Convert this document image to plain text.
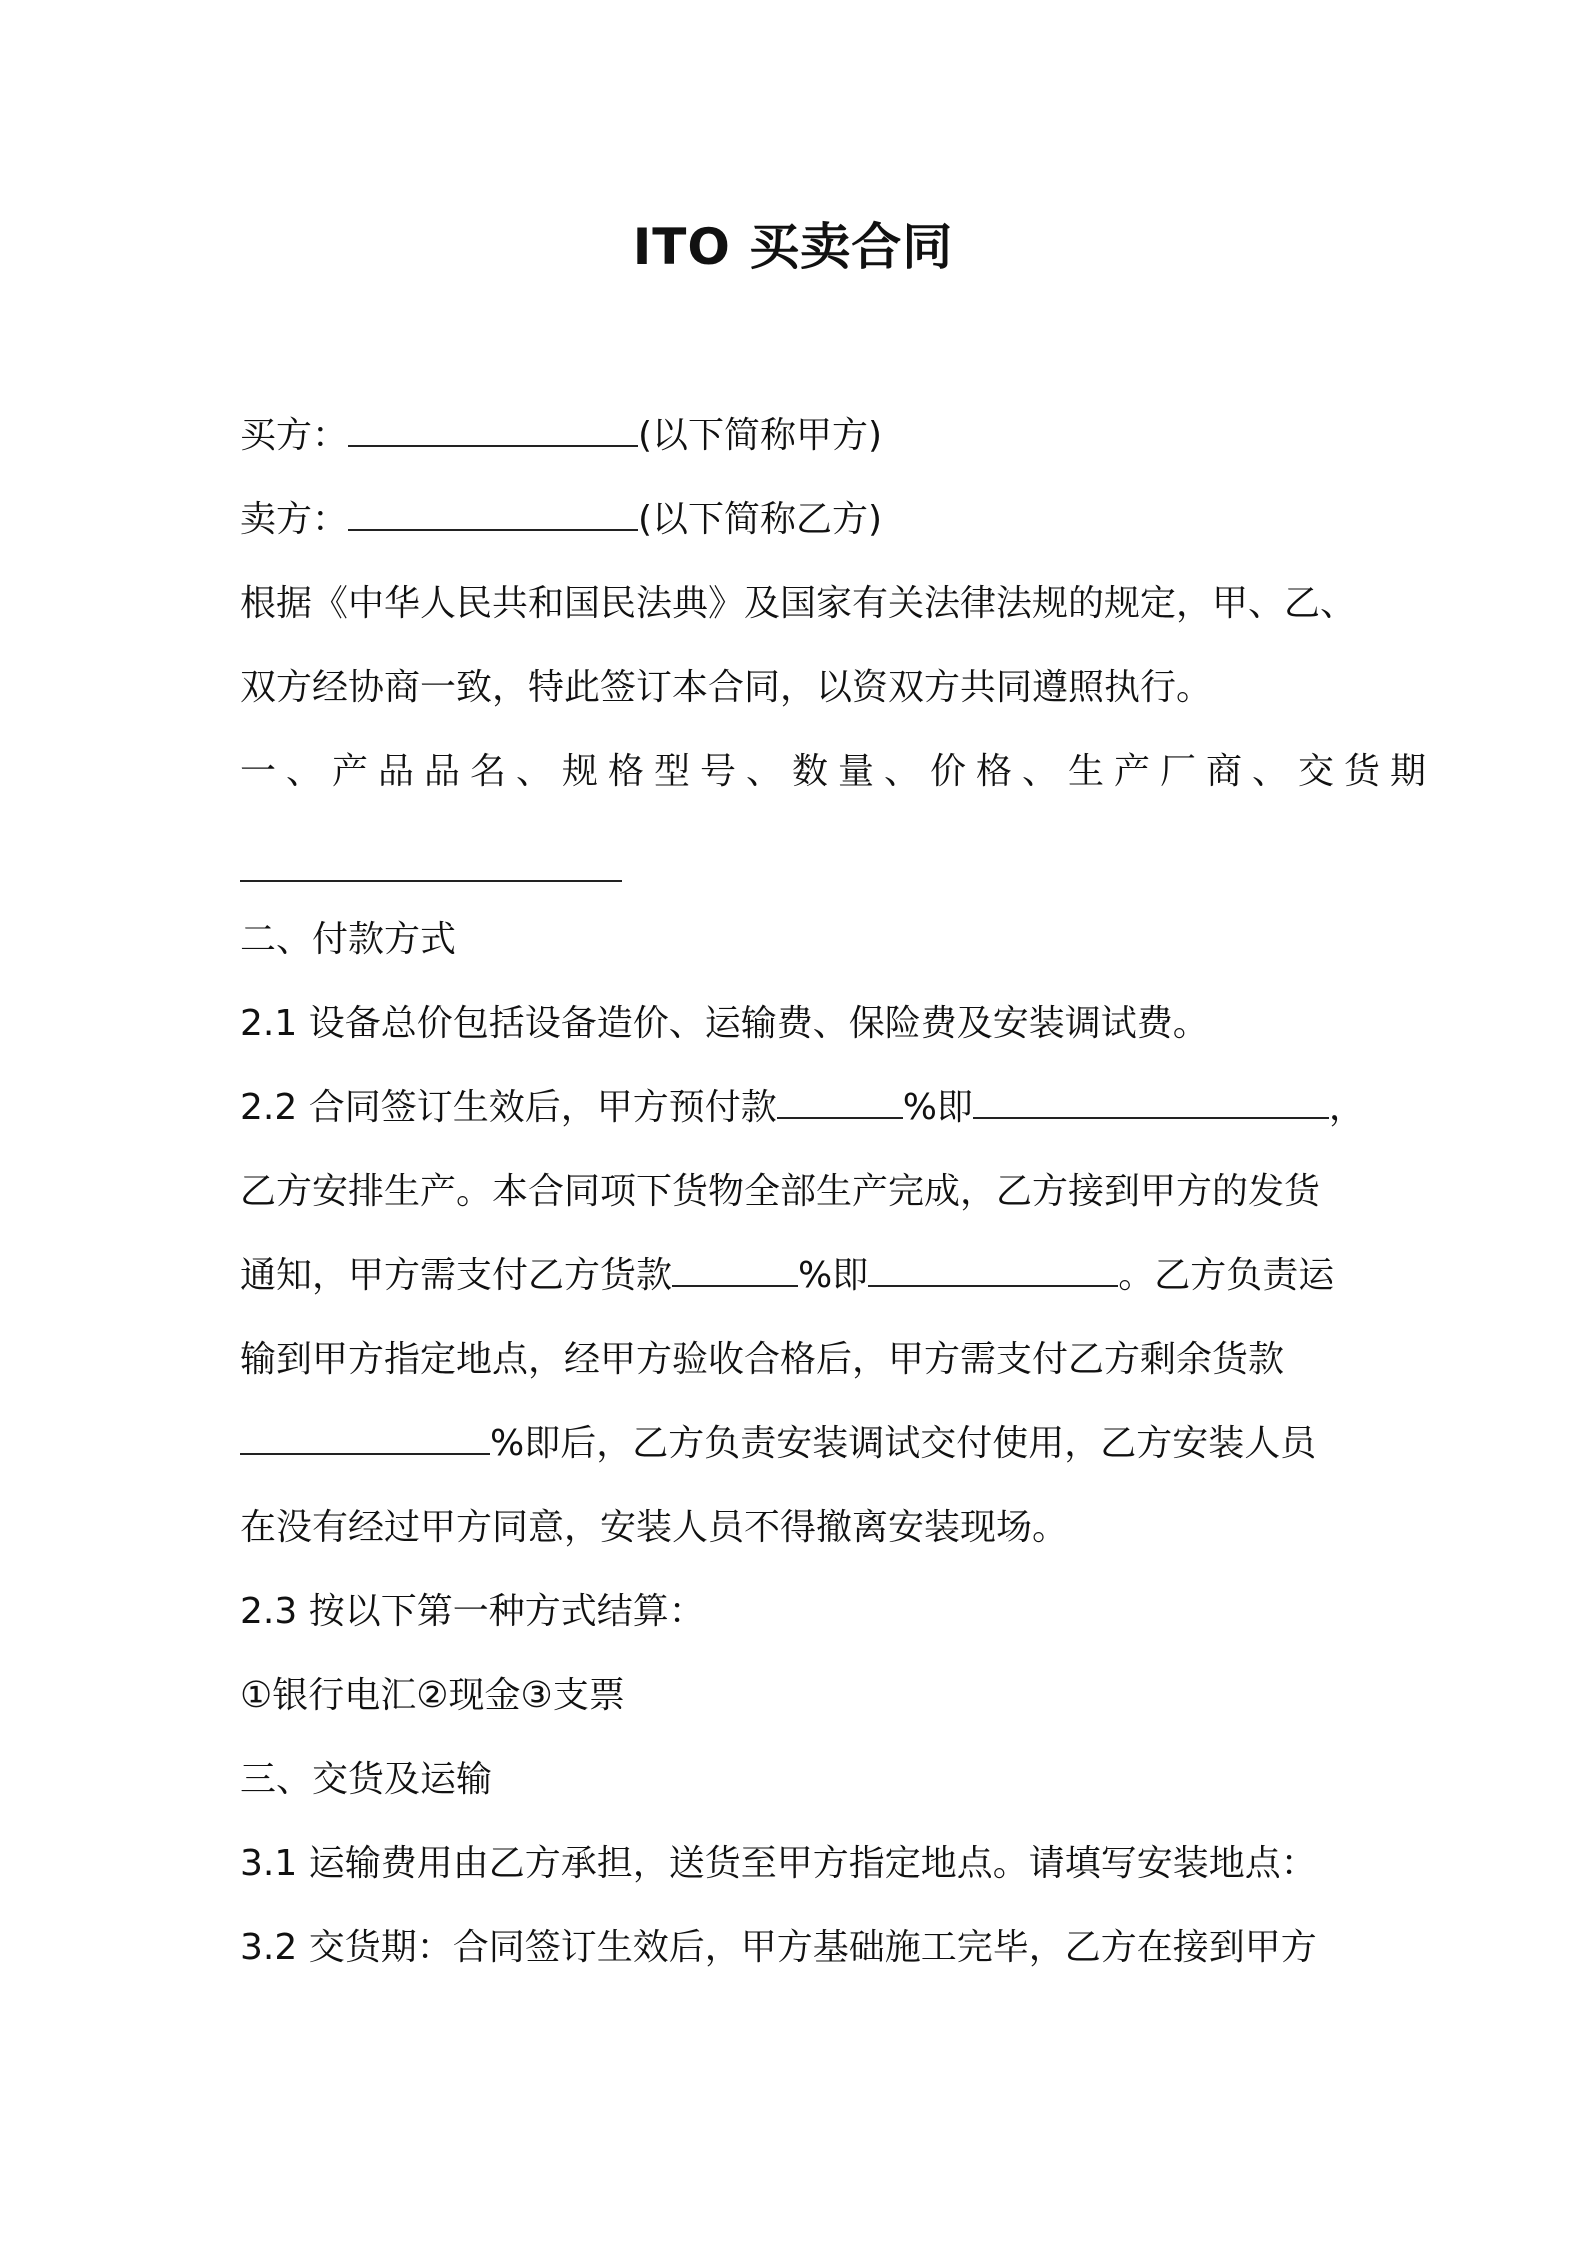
ITO 买卖合同
买方：	(以下简称甲方)
卖方：	(以下简称乙方)
根据《中华人民共和国民法典》及国家有关法律法规的规定，甲、乙、
双方经协商一致，特此签订本合同，以资双方共同遵照执行。
一、产品品名、规格型号、数量、价格、生产厂商、交货期
二、付款方式
2.1 设备总价包括设备造价、运输费、保险费及安装调试费。
2.2 合同签订生效后，甲方预付款	%即	，
乙方安排生产。本合同项下货物全部生产完成，乙方接到甲方的发货
通知，甲方需支付乙方货款	%即	。乙方负责运
输到甲方指定地点，经甲方验收合格后，甲方需支付乙方剩余货款
%即后，乙方负责安装调试交付使用，乙方安装人员
在没有经过甲方同意，安装人员不得撤离安装现场。
2.3 按以下第一种方式结算：
①银行电汇②现金③支票
三、交货及运输
3.1 运输费用由乙方承担，送货至甲方指定地点。请填写安装地点：
3.2 交货期：合同签订生效后，甲方基础施工完毕，乙方在接到甲方
